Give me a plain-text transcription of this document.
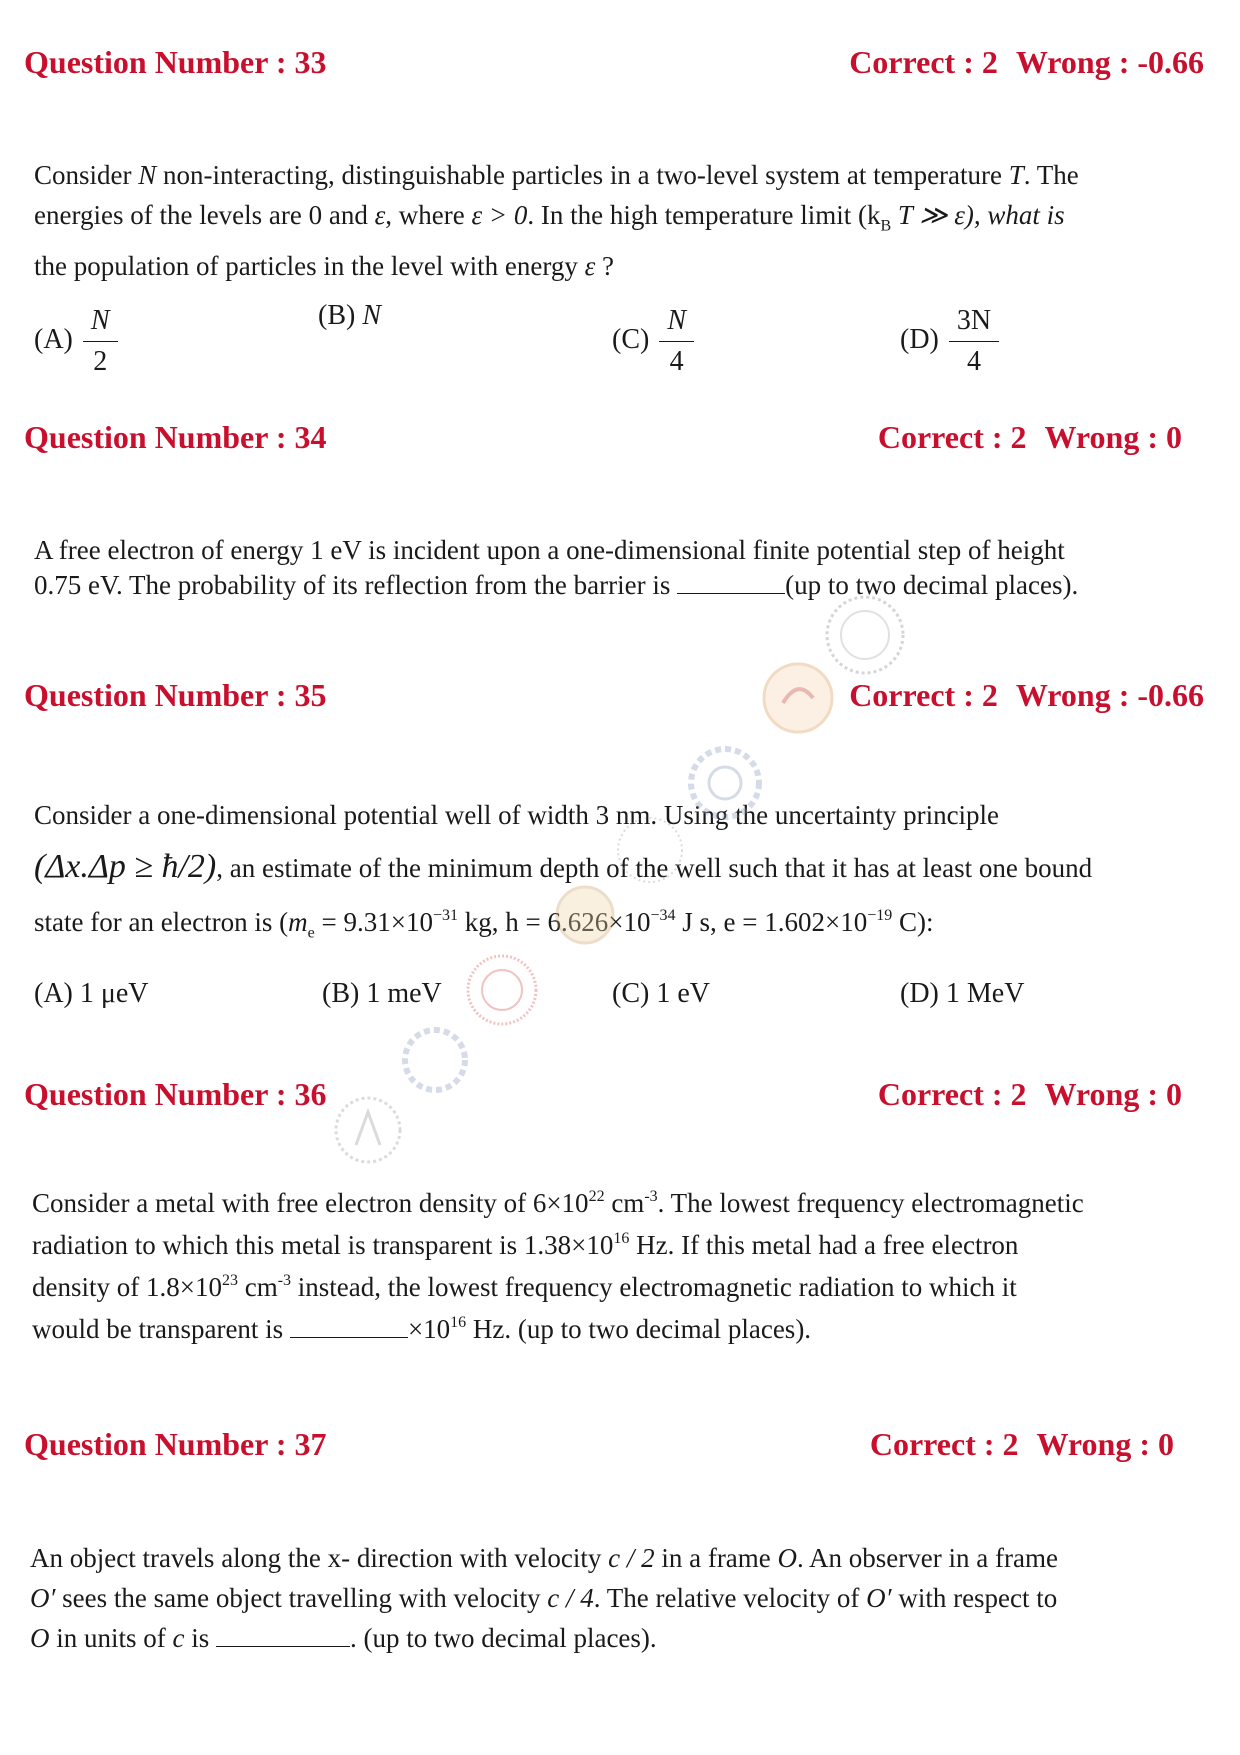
Question Number : 33	Correct : 2 Wrong : -0.66
Consider N non-interacting, distinguishable particles in a two-level system at temperature T. The
energies of the levels are 0 and ε, where ε > 0. In the high temperature limit ($k_B$ T ≫ ε), what is
the population of particles in the level with energy ε ?
$(A) \frac{N}{2}$	(B) N
$(C) \frac{N}{4}$	$(D) \frac{3N}{4}$
Question Number : 34	Correct : 2 Wrong : 0
A free electron of energy 1 eV is incident upon a one-dimensional finite potential step of height
0.75 eV. The probability of its reflection from the barrier is	(up to two decimal places).
Question Number : 35	Correct : 2 Wrong : -0.66
Consider a one-dimensional potential well of width 3 nm. Using the uncertainty principle
(Δx.Δp ≥ ħ/2), an estimate of the minimum depth of the well such that it has at least one bound
state for an electron is ($m_e = 9.31\times 10^{-31}$ kg, $h = 6.626\times 10^{-34}$ J s, $e = 1.602\times 10^{-19}$ C):
(A) 1 μeV	(B) 1 meV	(C) 1 eV	(D) 1 MeV
Question Number : 36	Correct : 2 Wrong : 0
Consider a metal with free electron density of $6\times 10^{22}$ $cm^{-3}$. The lowest frequency electromagnetic
radiation to which this metal is transparent is $1.38\times 10^{16}$ Hz. If this metal had a free electron
density of $1.8\times 10^{23}$ $cm^{-3}$ instead, the lowest frequency electromagnetic radiation to which it
would be transparent is	$\times 10^{16}$ Hz. (up to two decimal places).
Question Number : 37	Correct : 2 Wrong : 0
An object travels along the x- direction with velocity c / 2 in a frame O. An observer in a frame
O′ sees the same object travelling with velocity c / 4. The relative velocity of O′ with respect to
O in units of c is	. (up to two decimal places).
